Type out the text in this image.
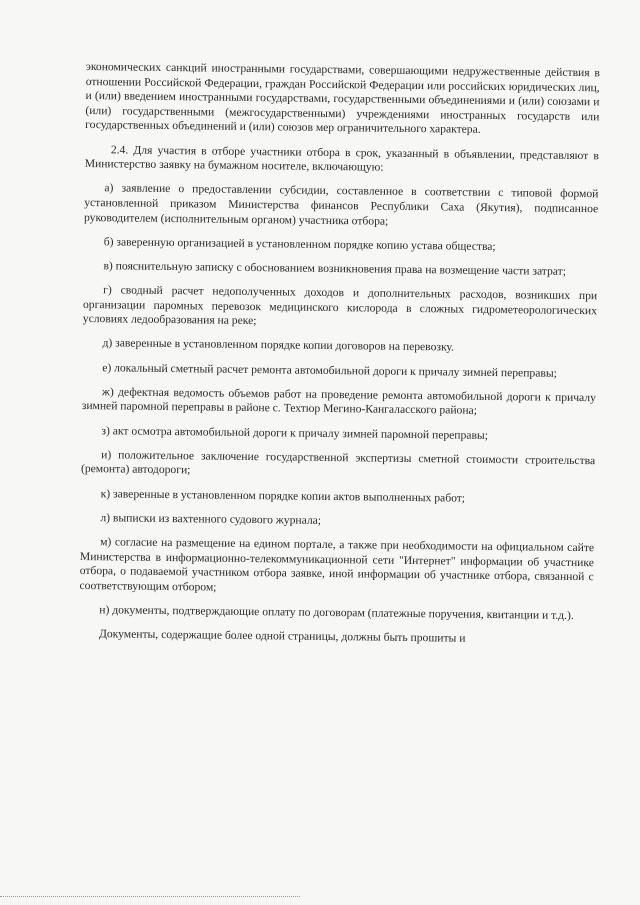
экономических санкций иностранными государствами, совершающими недружественные действия в отношении Российской Федерации, граждан Российской Федерации или российских юридических лиц, и (или) введением иностранными государствами, государственными объединениями и (или) союзами и (или) государственными (межгосударственными) учреждениями иностранных государств или государственных объединений и (или) союзов мер ограничительного характера.

2.4. Для участия в отборе участники отбора в срок, указанный в объявлении, представляют в Министерство заявку на бумажном носителе, включающую:

а) заявление о предоставлении субсидии, составленное в соответствии с типовой формой установленной приказом Министерства финансов Республики Саха (Якутия), подписанное руководителем (исполнительным органом) участника отбора;

б) заверенную организацией в установленном порядке копию устава общества;

в) пояснительную записку с обоснованием возникновения права на возмещение части затрат;

г) сводный расчет недополученных доходов и дополнительных расходов, возникших при организации паромных перевозок медицинского кислорода в сложных гидрометеорологических условиях ледообразования на реке;

д) заверенные в установленном порядке копии договоров на перевозку.

е) локальный сметный расчет ремонта автомобильной дороги к причалу зимней переправы;

ж) дефектная ведомость объемов работ на проведение ремонта автомобильной дороги к причалу зимней паромной переправы в районе с. Техтюр Мегино-Кангаласского района;

з) акт осмотра автомобильной дороги к причалу зимней паромной переправы;

и) положительное заключение государственной экспертизы сметной стоимости строительства (ремонта) автодороги;

к) заверенные в установленном порядке копии актов выполненных работ;

л) выписки из вахтенного судового журнала;

м) согласие на размещение на едином портале, а также при необходимости на официальном сайте Министерства в информационно-телекоммуникационной сети "Интернет" информации об участнике отбора, о подаваемой участником отбора заявке, иной информации об участнике отбора, связанной с соответствующим отбором;

н) документы, подтверждающие оплату по договорам (платежные поручения, квитанции и т.д.).

Документы, содержащие более одной страницы, должны быть прошиты и
